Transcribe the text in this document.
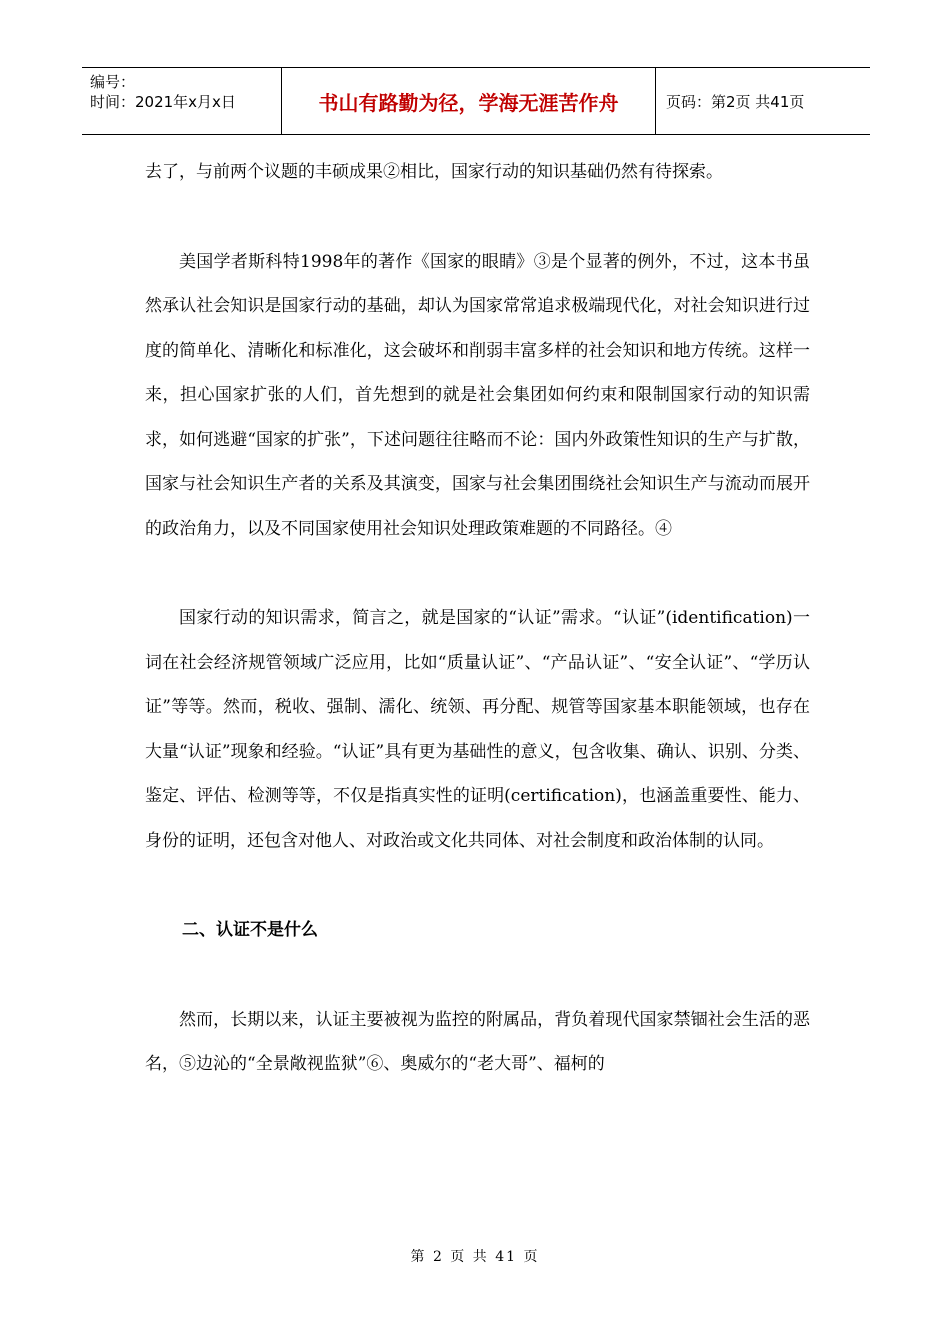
编号：
时间：2021年x月x日	书山有路勤为径，学海无涯苦作舟	页码：第2页 共41页

去了，与前两个议题的丰硕成果②相比，国家行动的知识基础仍然有待探索。

美国学者斯科特1998年的著作《国家的眼睛》③是个显著的例外，不过，这本书虽然承认社会知识是国家行动的基础，却认为国家常常追求极端现代化，对社会知识进行过度的简单化、清晰化和标准化，这会破坏和削弱丰富多样的社会知识和地方传统。这样一来，担心国家扩张的人们，首先想到的就是社会集团如何约束和限制国家行动的知识需求，如何逃避“国家的扩张”，下述问题往往略而不论：国内外政策性知识的生产与扩散，国家与社会知识生产者的关系及其演变，国家与社会集团围绕社会知识生产与流动而展开的政治角力，以及不同国家使用社会知识处理政策难题的不同路径。④

国家行动的知识需求，简言之，就是国家的“认证”需求。“认证”(identification)一词在社会经济规管领域广泛应用，比如“质量认证”、“产品认证”、“安全认证”、“学历认证”等等。然而，税收、强制、濡化、统领、再分配、规管等国家基本职能领域，也存在大量“认证”现象和经验。“认证”具有更为基础性的意义，包含收集、确认、识别、分类、鉴定、评估、检测等等，不仅是指真实性的证明(certification)，也涵盖重要性、能力、身份的证明，还包含对他人、对政治或文化共同体、对社会制度和政治体制的认同。

二、认证不是什么

然而，长期以来，认证主要被视为监控的附属品，背负着现代国家禁锢社会生活的恶名，⑤边沁的“全景敞视监狱”⑥、奥威尔的“老大哥”、福柯的

第 2 页 共 41 页
